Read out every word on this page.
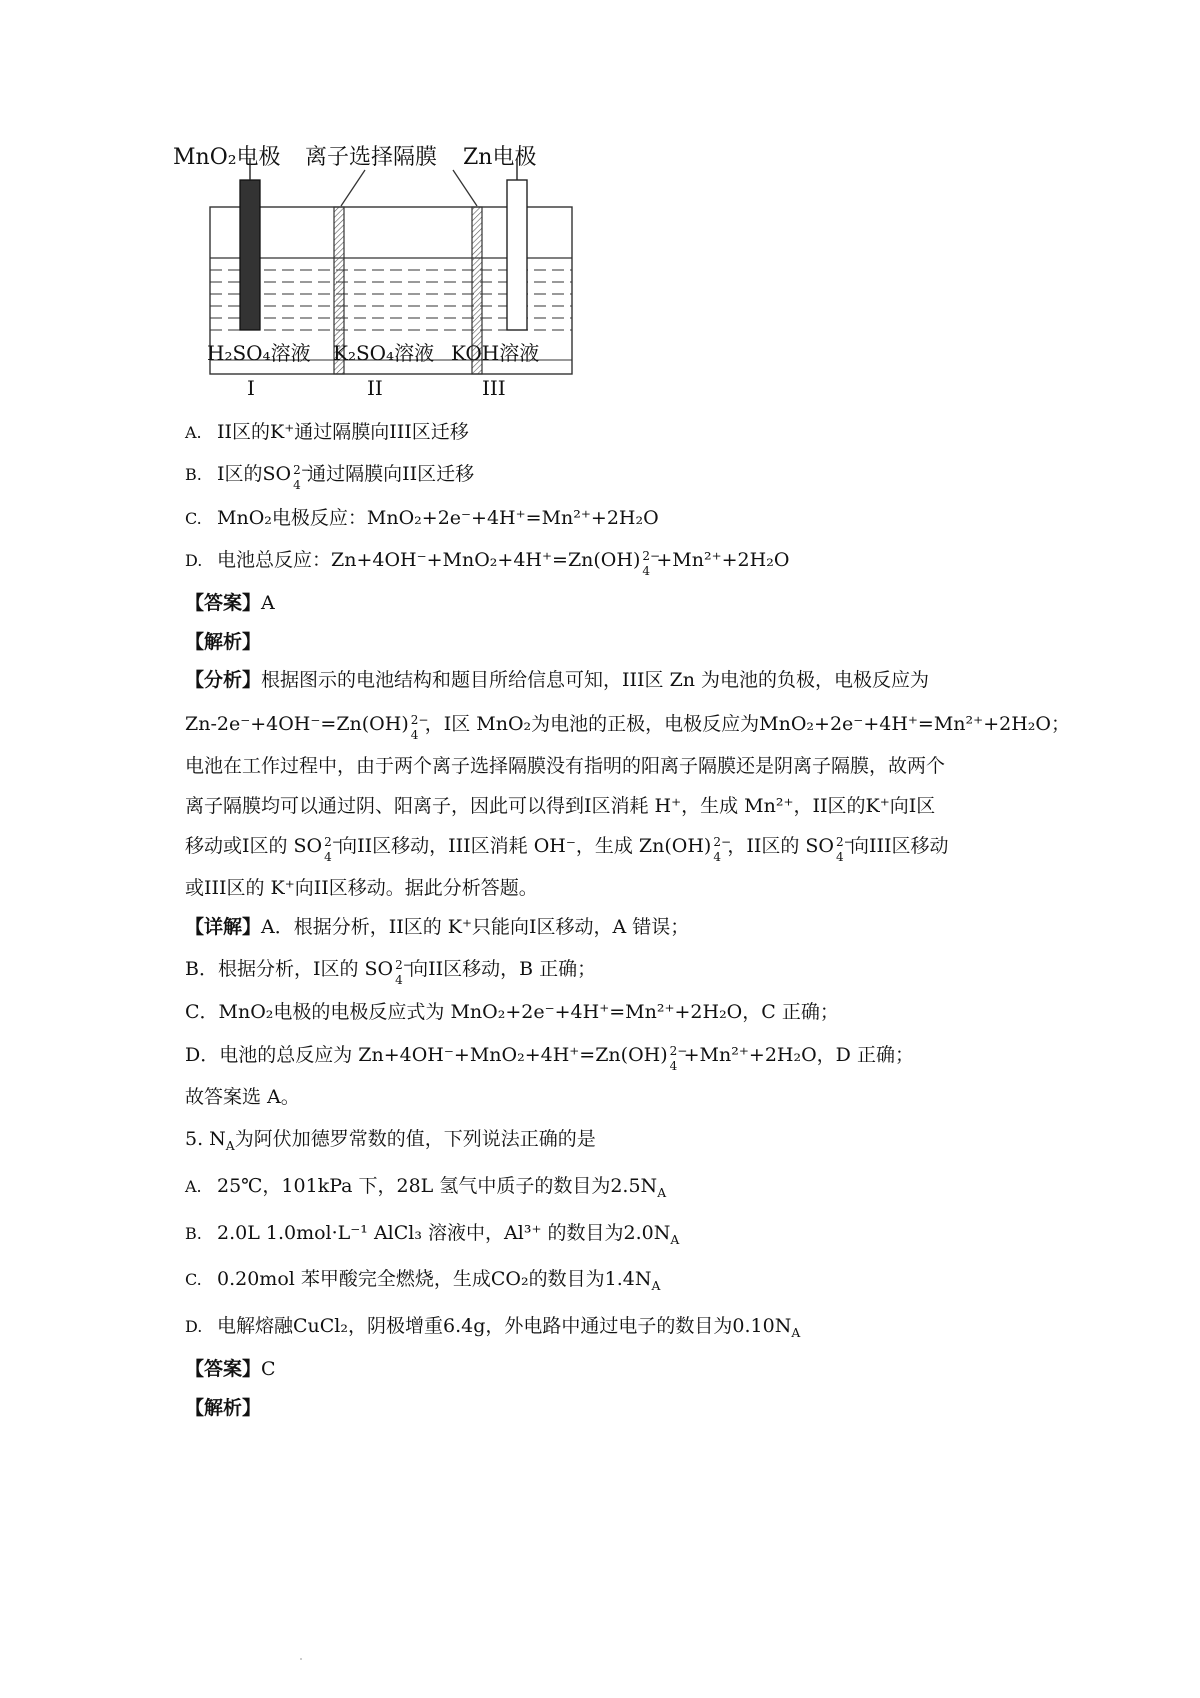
MnO₂电极 离子选择隔膜 Zn电极
H₂SO₄溶液 K₂SO₄溶液 KOH溶液
I	II	III
A. II区的K⁺通过隔膜向III区迁移
B. I区的SO 2−
4 通过隔膜向II区迁移
C. MnO₂电极反应：MnO₂+2e⁻+4H⁺=Mn²⁺+2H₂O
D. 电池总反应：Zn+4OH⁻+MnO₂+4H⁺=Zn(OH) 2−
4 +Mn²⁺+2H₂O
【答案】A
【解析】
【分析】根据图示的电池结构和题目所给信息可知，III区 Zn 为电池的负极，电极反应为
Zn-2e⁻+4OH⁻=Zn(OH) 2−
4 ，I区 MnO₂为电池的正极，电极反应为MnO₂+2e⁻+4H⁺=Mn²⁺+2H₂O；
电池在工作过程中，由于两个离子选择隔膜没有指明的阳离子隔膜还是阴离子隔膜，故两个
离子隔膜均可以通过阴、阳离子，因此可以得到I区消耗 H⁺，生成 Mn²⁺，II区的K⁺向I区
移动或I区的 SO 2−
4 向II区移动，III区消耗 OH⁻，生成 Zn(OH) 2−
4 ，II区的 SO 2−
4 向III区移动
或III区的 K⁺向II区移动。据此分析答题。
【详解】A．根据分析，II区的 K⁺只能向I区移动，A 错误；
B．根据分析，I区的 SO 2−
4 向II区移动，B 正确；
C．MnO₂电极的电极反应式为 MnO₂+2e⁻+4H⁺=Mn²⁺+2H₂O，C 正确；
D．电池的总反应为 Zn+4OH⁻+MnO₂+4H⁺=Zn(OH) 2−
4 +Mn²⁺+2H₂O，D 正确；
故答案选 A。
5. $N_A$为阿伏加德罗常数的值，下列说法正确的是
A. 25℃，101kPa 下，28L 氢气中质子的数目为$2.5N_A$
B. 2.0L 1.0mol·L⁻¹ AlCl₃ 溶液中，Al³⁺ 的数目为$2.0N_A$
C. 0.20mol 苯甲酸完全燃烧，生成CO₂的数目为$1.4N_A$
D. 电解熔融CuCl₂，阴极增重6.4g，外电路中通过电子的数目为$0.10N_A$
【答案】C
【解析】
